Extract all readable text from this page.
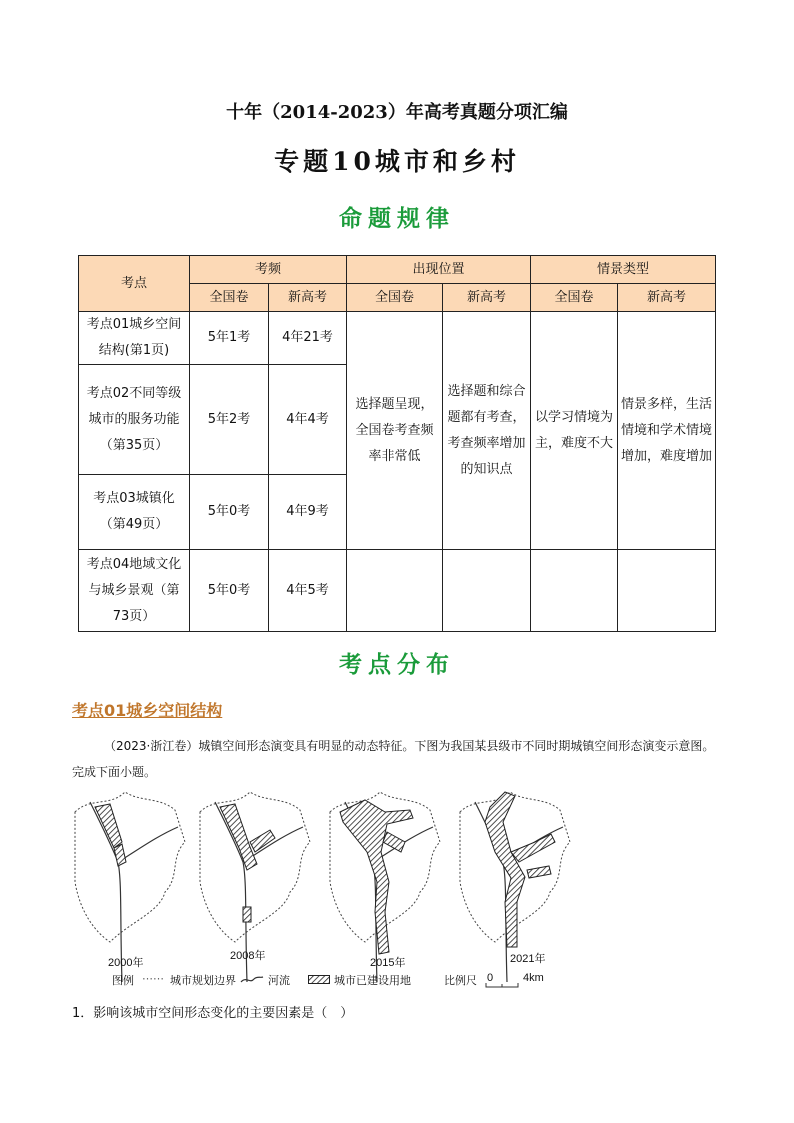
十年（2014-2023）年高考真题分项汇编
专题10城市和乡村
命题规律
考点	考频		出现位置		情景类型	
	全国卷	新高考	全国卷	新高考	全国卷	新高考
考点01城乡空间结构(第1页)	5年1考	4年21考	选择题呈现，全国卷考查频率非常低	选择题和综合题都有考查，考查频率增加的知识点	以学习情境为主，难度不大	情景多样，生活情境和学术情境增加，难度增加
考点02不同等级城市的服务功能（第35页）	5年2考	4年4考				
考点03城镇化（第49页）	5年0考	4年9考				
考点04地域文化与城乡景观（第73页）	5年0考	4年5考				
考点分布
考点01城乡空间结构
（2023·浙江卷）城镇空间形态演变具有明显的动态特征。下图为我国某县级市不同时期城镇空间形态演变示意图。完成下面小题。
2000年
2008年
2015年	2021年
图例 ⋯⋯ 城市规划边界	河流	城市已建设用地	比例尺 0	4km
1．影响该城市空间形态变化的主要因素是（　）
